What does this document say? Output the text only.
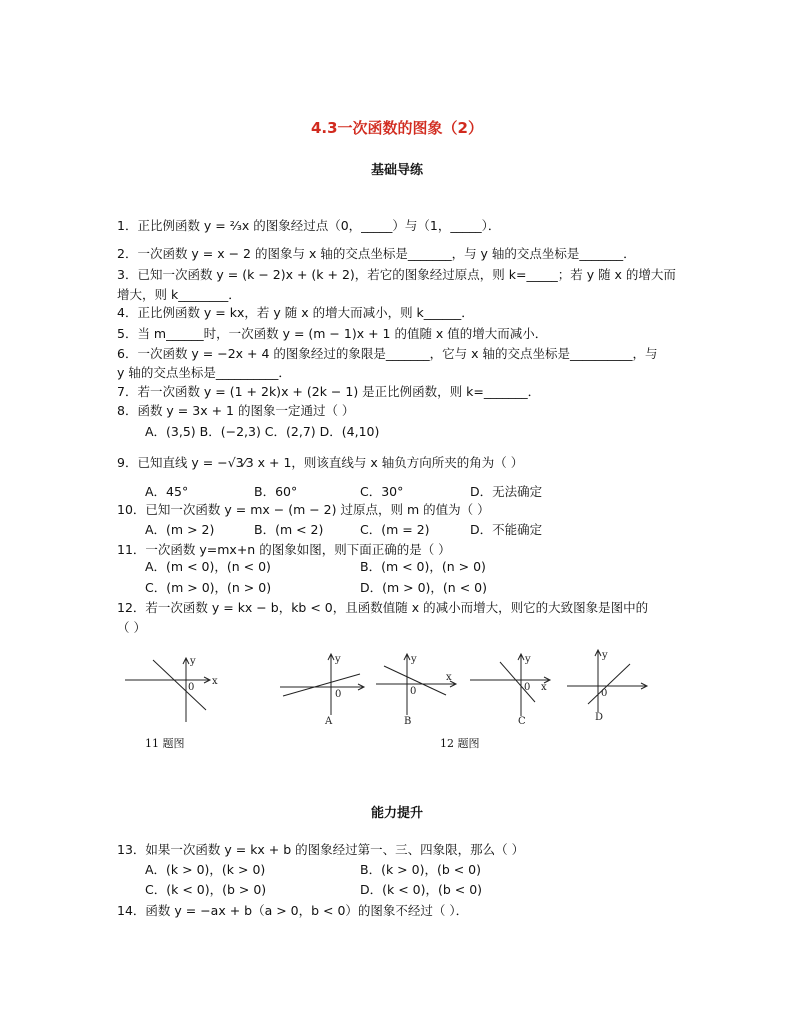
4.3一次函数的图象（2）
基础导练
1．正比例函数 y = ²⁄₃x 的图象经过点（0，_____）与（1，_____）．
2．一次函数 y = x − 2 的图象与 x 轴的交点坐标是_______，与 y 轴的交点坐标是_______．
3．已知一次函数 y = (k − 2)x + (k + 2)，若它的图象经过原点，则 k=_____；若 y 随 x 的增大而
增大，则 k________．
4．正比例函数 y = kx，若 y 随 x 的增大而减小，则 k______．
5．当 m______时，一次函数 y = (m − 1)x + 1 的值随 x 值的增大而减小．
6．一次函数 y = −2x + 4 的图象经过的象限是_______，它与 x 轴的交点坐标是__________，与
y 轴的交点坐标是__________．
7．若一次函数 y = (1 + 2k)x + (2k − 1) 是正比例函数，则 k=_______．
8．函数 y = 3x + 1 的图象一定通过（ ）
A．(3,5) B．(−2,3) C．(2,7) D．(4,10)
9．已知直线 y = −√3⁄3 x + 1，则该直线与 x 轴负方向所夹的角为（ ）
A．45°	B．60°	C．30°	D．无法确定
10．已知一次函数 y = mx − (m − 2) 过原点，则 m 的值为（ ）
A．(m > 2)	B．(m < 2)	C．(m = 2)	D．不能确定
11．一次函数 y=mx+n 的图象如图，则下面正确的是（ ）
A．(m < 0)，(n < 0)	B．(m < 0)，(n > 0)
C．(m > 0)，(n > 0)	D．(m > 0)，(n < 0)
12．若一次函数 y = kx − b，kb < 0，且函数值随 x 的减小而增大，则它的大致图象是图中的
（ ）
y
x
0
y
0
y
x
0
y
x
0
y
0
A	B	C	D
11 题图	12 题图
能力提升
13．如果一次函数 y = kx + b 的图象经过第一、三、四象限，那么（ ）
A．(k > 0)，(k > 0)	B．(k > 0)，(b < 0)
C．(k < 0)，(b > 0)	D．(k < 0)，(b < 0)
14．函数 y = −ax + b（a > 0，b < 0）的图象不经过（ ）．
